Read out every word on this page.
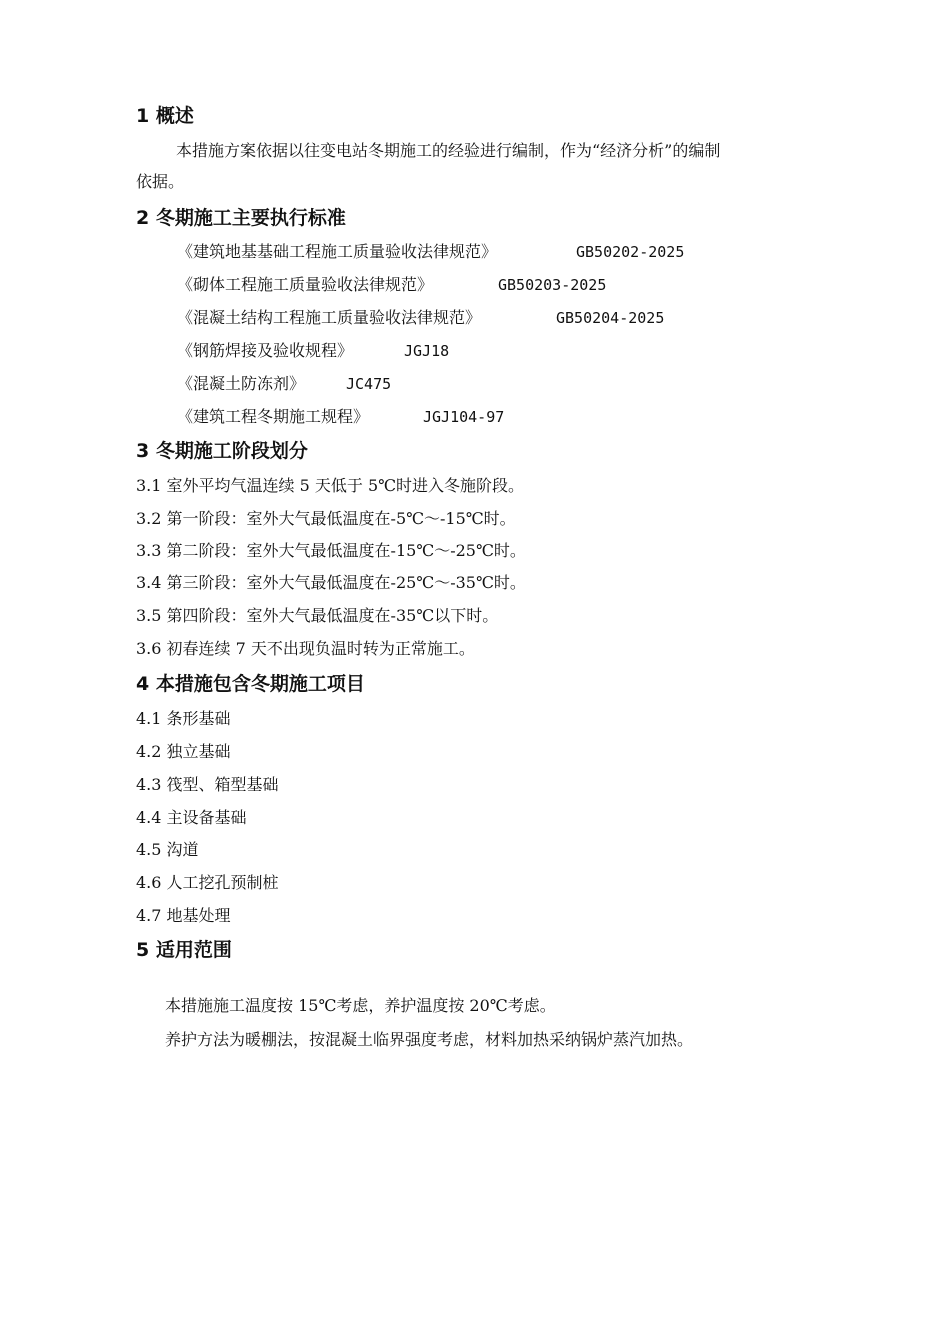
1 概述
本措施方案依据以往变电站冬期施工的经验进行编制，作为“经济分析”的编制
依据。
2 冬期施工主要执行标准
《建筑地基基础工程施工质量验收法律规范》	GB50202-2025
《砌体工程施工质量验收法律规范》	GB50203-2025
《混凝土结构工程施工质量验收法律规范》	GB50204-2025
《钢筋焊接及验收规程》	JGJ18
《混凝土防冻剂》	JC475
《建筑工程冬期施工规程》	JGJ104-97
3 冬期施工阶段划分
3.1 室外平均气温连续 5 天低于 5℃时进入冬施阶段。
3.2 第一阶段：室外大气最低温度在-5℃～-15℃时。
3.3 第二阶段：室外大气最低温度在-15℃～-25℃时。
3.4 第三阶段：室外大气最低温度在-25℃～-35℃时。
3.5 第四阶段：室外大气最低温度在-35℃以下时。
3.6 初春连续 7 天不出现负温时转为正常施工。
4 本措施包含冬期施工项目
4.1 条形基础
4.2 独立基础
4.3 筏型、箱型基础
4.4 主设备基础
4.5 沟道
4.6 人工挖孔预制桩
4.7 地基处理
5 适用范围
本措施施工温度按 15℃考虑，养护温度按 20℃考虑。
养护方法为暖棚法，按混凝土临界强度考虑，材料加热采纳锅炉蒸汽加热。
